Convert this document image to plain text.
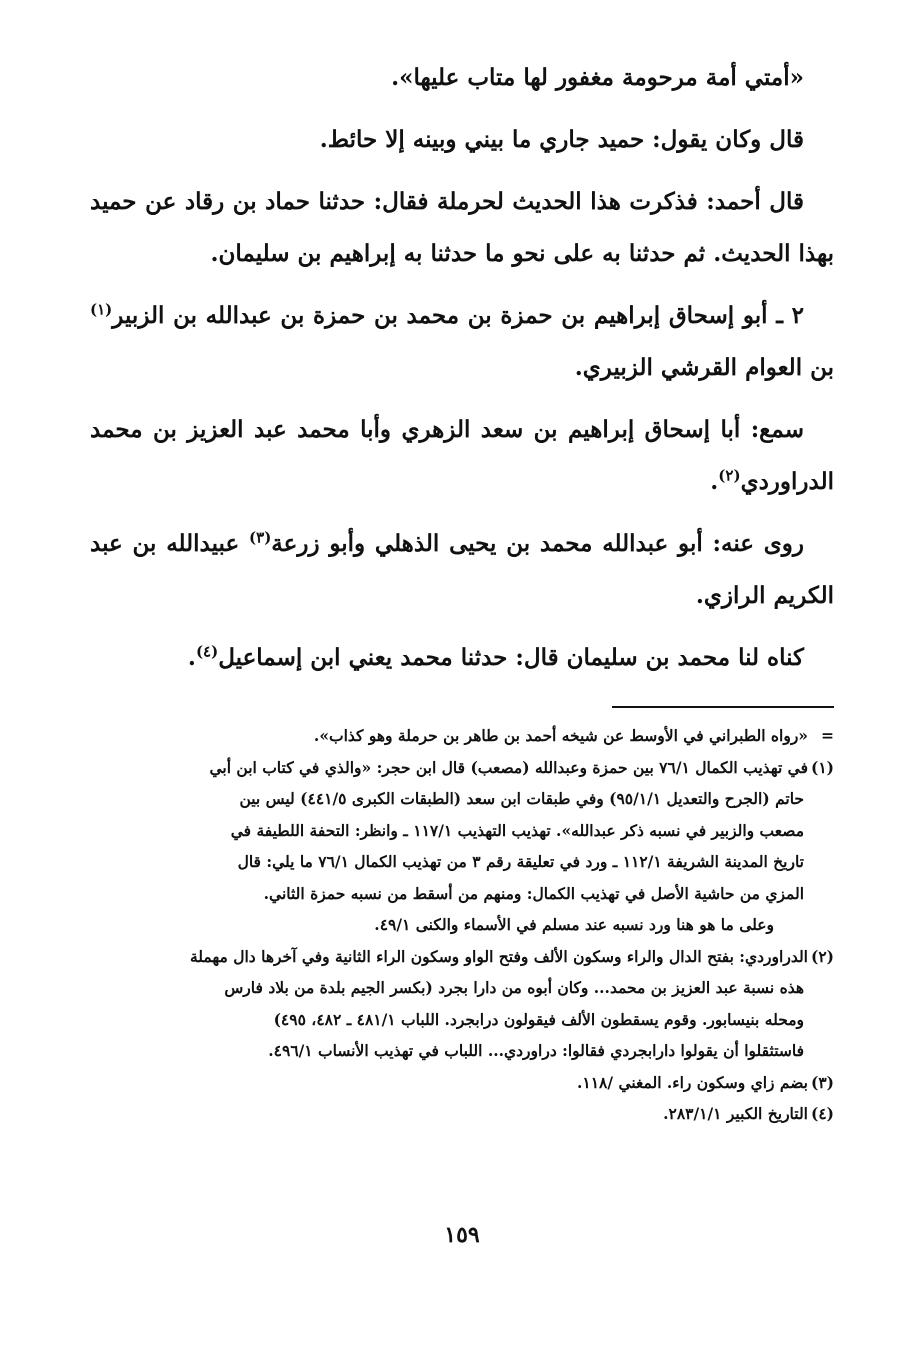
«أمتي أمة مرحومة مغفور لها متاب عليها».

قال وكان يقول: حميد جاري ما بيني وبينه إلا حائط.

قال أحمد: فذكرت هذا الحديث لحرملة فقال: حدثنا حماد بن رقاد عن حميد بهذا الحديث. ثم حدثنا به على نحو ما حدثنا به إبراهيم بن سليمان.

٢ ـ أبو إسحاق إبراهيم بن حمزة بن محمد بن حمزة بن عبدالله بن الزبير$^{(١)}$ بن العوام القرشي الزبيري.

سمع: أبا إسحاق إبراهيم بن سعد الزهري وأبا محمد عبد العزيز بن محمد الدراوردي$^{(٢)}$.

روى عنه: أبو عبدالله محمد بن يحيى الذهلي وأبو زرعة$^{(٣)}$ عبيدالله بن عبد الكريم الرازي.

كناه لنا محمد بن سليمان قال: حدثنا محمد يعني ابن إسماعيل$^{(٤)}$.

=«رواه الطبراني في الأوسط عن شيخه أحمد بن طاهر بن حرملة وهو كذاب».

(١)في تهذيب الكمال ٧٦/١ بين حمزة وعبدالله (مصعب) قال ابن حجر: «والذي في كتاب ابن أبي
حاتم (الجرح والتعديل ٩٥/١/١) وفي طبقات ابن سعد (الطبقات الكبرى ٤٤١/٥) ليس بين
مصعب والزبير في نسبه ذكر عبدالله». تهذيب التهذيب ١١٧/١ ـ وانظر: التحفة اللطيفة في
تاريخ المدينة الشريفة ١١٢/١ ـ ورد في تعليقة رقم ٣ من تهذيب الكمال ٧٦/١ ما يلي: قال
المزي من حاشية الأصل في تهذيب الكمال: ومنهم من أسقط من نسبه حمزة الثاني.
وعلى ما هو هنا ورد نسبه عند مسلم في الأسماء والكنى ٤٩/١.

(٢)الدراوردي: بفتح الدال والراء وسكون الألف وفتح الواو وسكون الراء الثانية وفي آخرها دال مهملة
هذه نسبة عبد العزيز بن محمد... وكان أبوه من دارا بجرد (بكسر الجيم بلدة من بلاد فارس
ومحله بنيسابور. وقوم يسقطون الألف فيقولون درابجرد. اللباب ٤٨١/١ ـ ٤٨٢، ٤٩٥)
فاستثقلوا أن يقولوا دارابجردي فقالوا: دراوردي... اللباب في تهذيب الأنساب ٤٩٦/١.

(٣)بضم زاي وسكون راء. المغني /١١٨.

(٤)التاريخ الكبير ٢٨٣/١/١.

١٥٩
